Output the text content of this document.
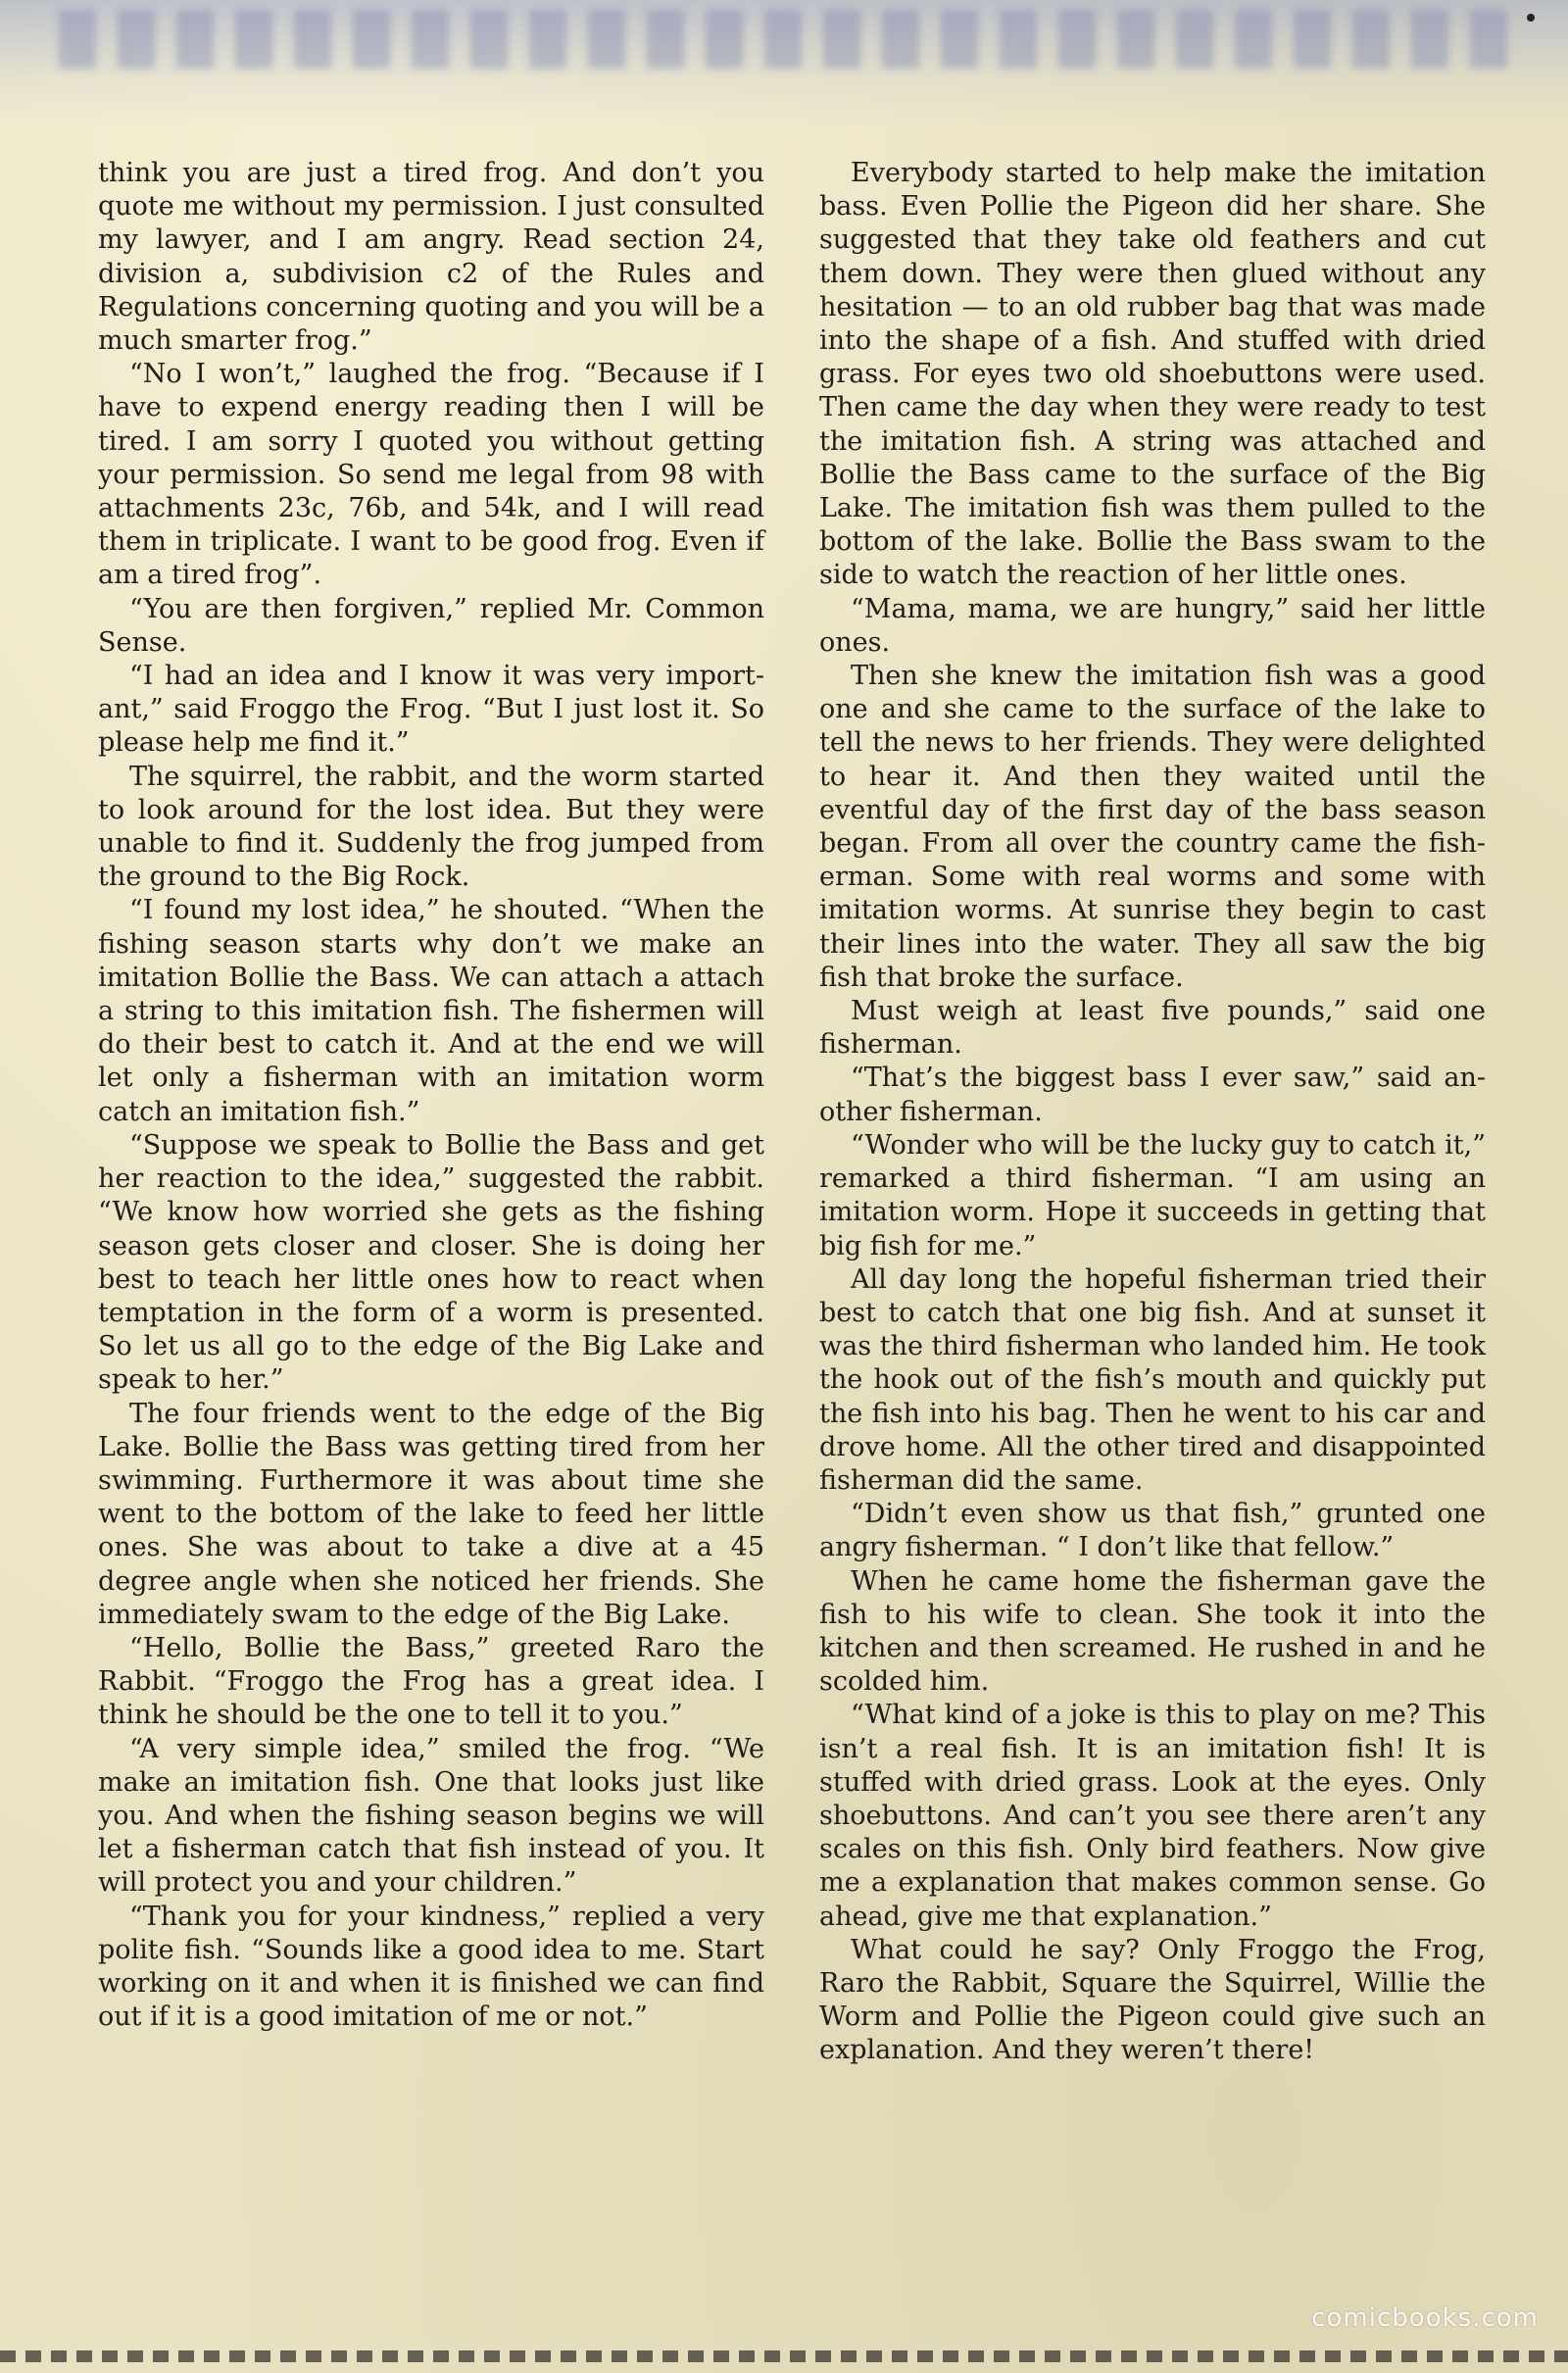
think you are just a tired frog. And don’t you quote me without my permission. I just consulted my lawyer, and I am angry. Read section 24, division a, subdivision c2 of the Rules and Regulations concerning quoting and you will be a much smarter frog.”

“No I won’t,” laughed the frog. “Because if I have to expend energy reading then I will be tired. I am sorry I quoted you without getting your permission. So send me legal from 98 with attachments 23c, 76b, and 54k, and I will read them in triplicate. I want to be good frog. Even if am a tired frog”.

“You are then forgiven,” replied Mr. Common Sense.

“I had an idea and I know it was very important,” said Froggo the Frog. “But I just lost it. So please help me find it.”

The squirrel, the rabbit, and the worm started to look around for the lost idea. But they were unable to find it. Suddenly the frog jumped from the ground to the Big Rock.

“I found my lost idea,” he shouted. “When the fishing season starts why don’t we make an imitation Bollie the Bass. We can attach a attach a string to this imitation fish. The fishermen will do their best to catch it. And at the end we will let only a fisherman with an imitation worm catch an imitation fish.”

“Suppose we speak to Bollie the Bass and get her reaction to the idea,” suggested the rabbit. “We know how worried she gets as the fishing season gets closer and closer. She is doing her best to teach her little ones how to react when temptation in the form of a worm is presented. So let us all go to the edge of the Big Lake and speak to her.”

The four friends went to the edge of the Big Lake. Bollie the Bass was getting tired from her swimming. Furthermore it was about time she went to the bottom of the lake to feed her little ones. She was about to take a dive at a 45 degree angle when she noticed her friends. She immediately swam to the edge of the Big Lake.

“Hello, Bollie the Bass,” greeted Raro the Rabbit. “Froggo the Frog has a great idea. I think he should be the one to tell it to you.”

“A very simple idea,” smiled the frog. “We make an imitation fish. One that looks just like you. And when the fishing season begins we will let a fisherman catch that fish instead of you. It will protect you and your children.”

“Thank you for your kindness,” replied a very polite fish. “Sounds like a good idea to me. Start working on it and when it is finished we can find out if it is a good imitation of me or not.”

Everybody started to help make the imitation bass. Even Pollie the Pigeon did her share. She suggested that they take old feathers and cut them down. They were then glued without any hesitation — to an old rubber bag that was made into the shape of a fish. And stuffed with dried grass. For eyes two old shoebuttons were used. Then came the day when they were ready to test the imitation fish. A string was attached and Bollie the Bass came to the surface of the Big Lake. The imitation fish was them pulled to the bottom of the lake. Bollie the Bass swam to the side to watch the reaction of her little ones.

“Mama, mama, we are hungry,” said her little ones.

Then she knew the imitation fish was a good one and she came to the surface of the lake to tell the news to her friends. They were delighted to hear it. And then they waited until the eventful day of the first day of the bass season began. From all over the country came the fisherman. Some with real worms and some with imitation worms. At sunrise they begin to cast their lines into the water. They all saw the big fish that broke the surface.

Must weigh at least five pounds,” said one fisherman.

“That’s the biggest bass I ever saw,” said another fisherman.

“Wonder who will be the lucky guy to catch it,” remarked a third fisherman. “I am using an imitation worm. Hope it succeeds in getting that big fish for me.”

All day long the hopeful fisherman tried their best to catch that one big fish. And at sunset it was the third fisherman who landed him. He took the hook out of the fish’s mouth and quickly put the fish into his bag. Then he went to his car and drove home. All the other tired and disappointed fisherman did the same.

“Didn’t even show us that fish,” grunted one angry fisherman. “ I don’t like that fellow.”

When he came home the fisherman gave the fish to his wife to clean. She took it into the kitchen and then screamed. He rushed in and he scolded him.

“What kind of a joke is this to play on me? This isn’t a real fish. It is an imitation fish! It is stuffed with dried grass. Look at the eyes. Only shoebuttons. And can’t you see there aren’t any scales on this fish. Only bird feathers. Now give me a explanation that makes common sense. Go ahead, give me that explanation.”

What could he say? Only Froggo the Frog, Raro the Rabbit, Square the Squirrel, Willie the Worm and Pollie the Pigeon could give such an explanation. And they weren’t there!

comicbooks.com
